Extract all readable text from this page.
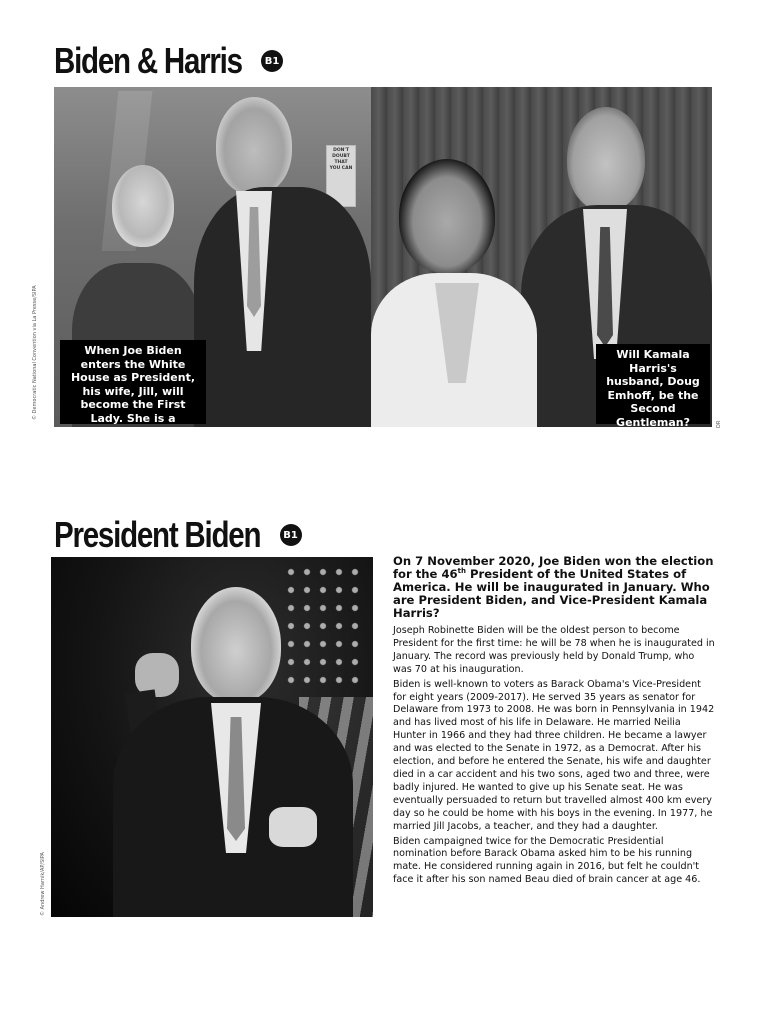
Biden & Harris	B1
DON'T DOUBT THAT YOU CAN
When Joe Biden enters the White House as President, his wife, Jill, will become the First Lady. She is a university professor.
Will Kamala Harris's husband, Doug Emhoff, be the Second Gentleman?
© Democratic National Convention via La Presse/SIPA
DR
President Biden	B1
© Andrew Harnik/AP/SIPA

On 7 November 2020, Joe Biden won the election for the 46th President of the United States of America. He will be inaugurated in January. Who are President Biden, and Vice-President Kamala Harris?

Joseph Robinette Biden will be the oldest person to become President for the first time: he will be 78 when he is inaugurated in January. The record was previously held by Donald Trump, who was 70 at his inauguration.

Biden is well-known to voters as Barack Obama's Vice-President for eight years (2009-2017). He served 35 years as senator for Delaware from 1973 to 2008. He was born in Pennsylvania in 1942 and has lived most of his life in Delaware. He married Neilia Hunter in 1966 and they had three children. He became a lawyer and was elected to the Senate in 1972, as a Democrat. After his election, and before he entered the Senate, his wife and daughter died in a car accident and his two sons, aged two and three, were badly injured. He wanted to give up his Senate seat. He was eventually persuaded to return but travelled almost 400 km every day so he could be home with his boys in the evening. In 1977, he married Jill Jacobs, a teacher, and they had a daughter.

Biden campaigned twice for the Democratic Presidential nomination before Barack Obama asked him to be his running mate. He considered running again in 2016, but felt he couldn't face it after his son named Beau died of brain cancer at age 46.
